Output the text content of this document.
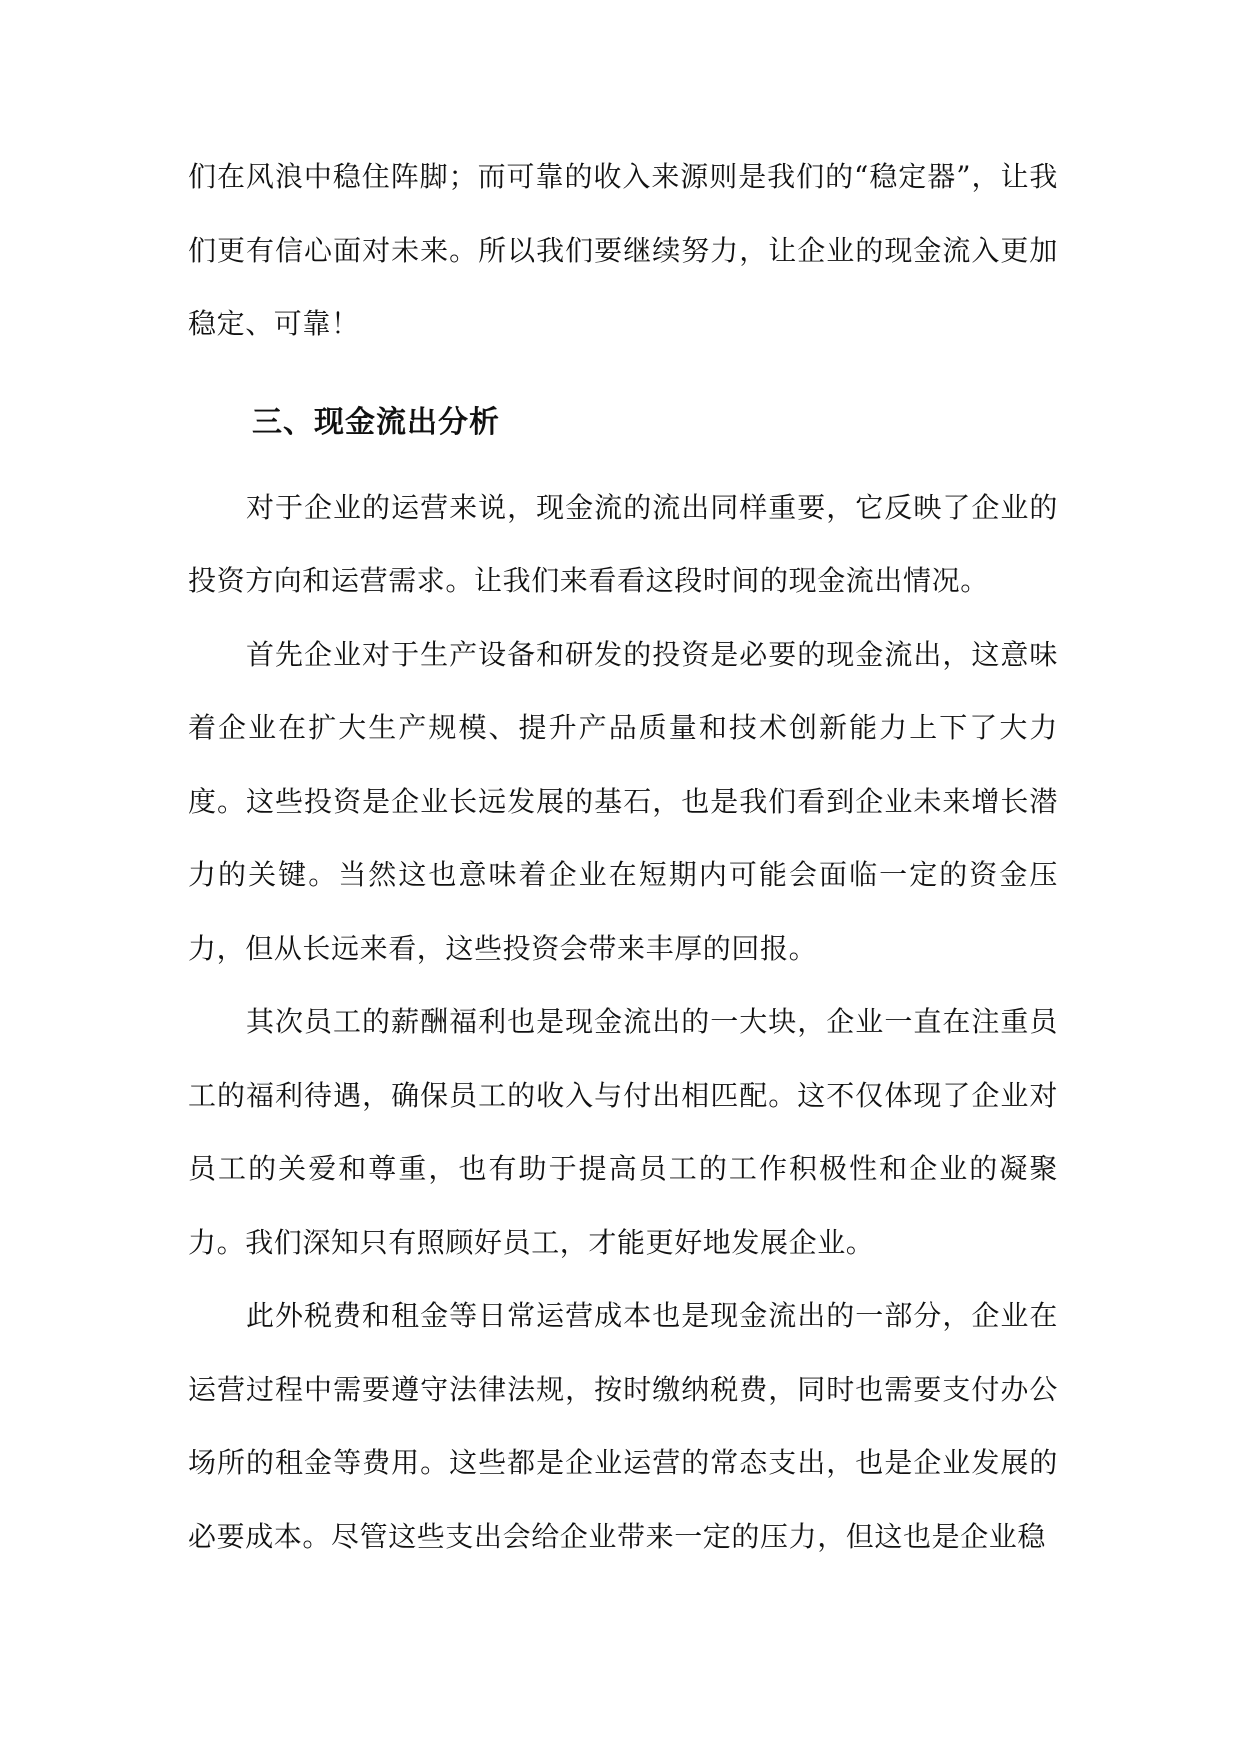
们在风浪中稳住阵脚；而可靠的收入来源则是我们的“稳定器”，让我们更有信心面对未来。所以我们要继续努力，让企业的现金流入更加稳定、可靠！

三、现金流出分析

对于企业的运营来说，现金流的流出同样重要，它反映了企业的投资方向和运营需求。让我们来看看这段时间的现金流出情况。

首先企业对于生产设备和研发的投资是必要的现金流出，这意味着企业在扩大生产规模、提升产品质量和技术创新能力上下了大力度。这些投资是企业长远发展的基石，也是我们看到企业未来增长潜力的关键。当然这也意味着企业在短期内可能会面临一定的资金压力，但从长远来看，这些投资会带来丰厚的回报。

其次员工的薪酬福利也是现金流出的一大块，企业一直在注重员工的福利待遇，确保员工的收入与付出相匹配。这不仅体现了企业对员工的关爱和尊重，也有助于提高员工的工作积极性和企业的凝聚力。我们深知只有照顾好员工，才能更好地发展企业。

此外税费和租金等日常运营成本也是现金流出的一部分，企业在运营过程中需要遵守法律法规，按时缴纳税费，同时也需要支付办公场所的租金等费用。这些都是企业运营的常态支出，也是企业发展的必要成本。尽管这些支出会给企业带来一定的压力，但这也是企业稳
